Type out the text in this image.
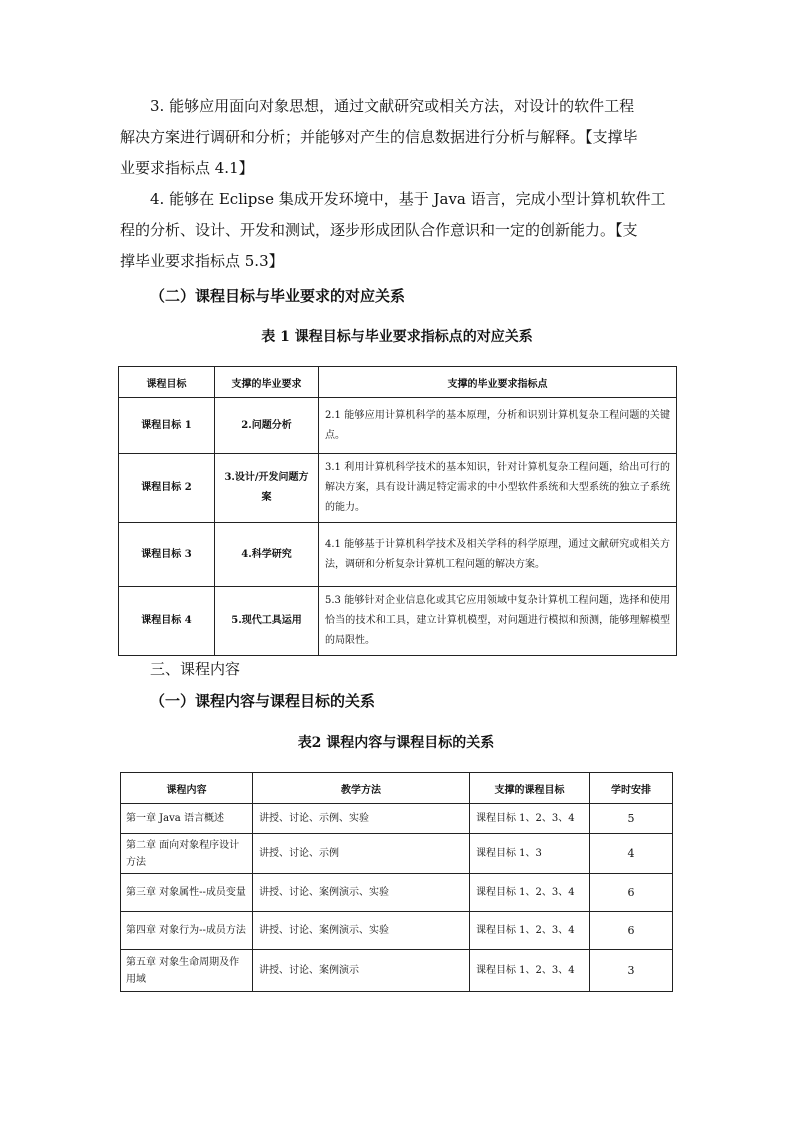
3. 能够应用面向对象思想，通过文献研究或相关方法，对设计的软件工程
解决方案进行调研和分析；并能够对产生的信息数据进行分析与解释。【支撑毕
业要求指标点 4.1】
4. 能够在 Eclipse 集成开发环境中，基于 Java 语言，完成小型计算机软件工
程的分析、设计、开发和测试，逐步形成团队合作意识和一定的创新能力。【支
撑毕业要求指标点 5.3】

（二）课程目标与毕业要求的对应关系

表 1 课程目标与毕业要求指标点的对应关系

课程目标	支撑的毕业要求	支撑的毕业要求指标点
课程目标 1	2.问题分析	2.1 能够应用计算机科学的基本原理，分析和识别计算机复杂工程问题的关键点。
课程目标 2	3.设计/开发问题方案	3.1 利用计算机科学技术的基本知识，针对计算机复杂工程问题，给出可行的解决方案，具有设计满足特定需求的中小型软件系统和大型系统的独立子系统的能力。
课程目标 3	4.科学研究	4.1 能够基于计算机科学技术及相关学科的科学原理，通过文献研究或相关方法，调研和分析复杂计算机工程问题的解决方案。
课程目标 4	5.现代工具运用	5.3 能够针对企业信息化或其它应用领域中复杂计算机工程问题，选择和使用恰当的技术和工具，建立计算机模型，对问题进行模拟和预测，能够理解模型的局限性。

三、课程内容

（一）课程内容与课程目标的关系

表2 课程内容与课程目标的关系

课程内容	教学方法	支撑的课程目标	学时安排
第一章 Java 语言概述	讲授、讨论、示例、实验	课程目标 1、2、3、4	5
第二章 面向对象程序设计方法	讲授、讨论、示例	课程目标 1、3	4
第三章 对象属性--成员变量	讲授、讨论、案例演示、实验	课程目标 1、2、3、4	6
第四章 对象行为--成员方法	讲授、讨论、案例演示、实验	课程目标 1、2、3、4	6
第五章 对象生命周期及作用域	讲授、讨论、案例演示	课程目标 1、2、3、4	3
